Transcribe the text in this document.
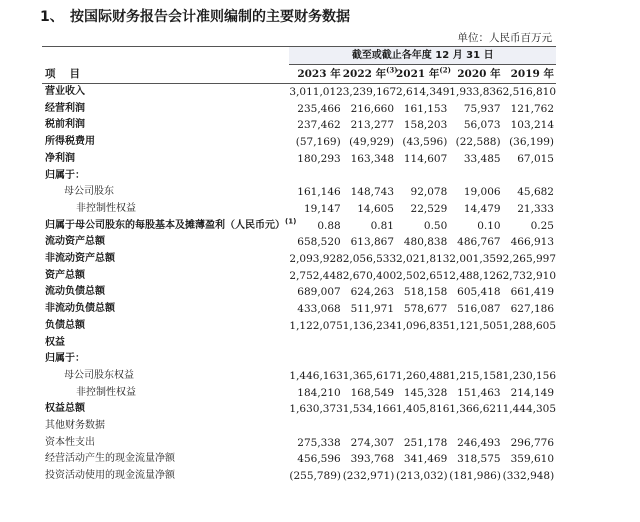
1、 按国际财务报告会计准则编制的主要财务数据
单位：人民币百万元
	截至或截止各年度 12 月 31 日				
项目	2023 年	2022 年$^{(3)}$	2021 年$^{(2)}$	2020 年	2019 年
营业收入	3,011,012	3,239,167	2,614,349	1,933,836	2,516,810
经营利润	235,466	216,660	161,153	75,937	121,762
税前利润	237,462	213,277	158,203	56,073	103,214
所得税费用	(57,169)	(49,929)	(43,596)	(22,588)	(36,199)
净利润	180,293	163,348	114,607	33,485	67,015
归属于：					
母公司股东	161,146	148,743	92,078	19,006	45,682
非控制性权益	19,147	14,605	22,529	14,479	21,333
归属于母公司股东的每股基本及摊薄盈利（人民币元）$^{(1)}$	0.88	0.81	0.50	0.10	0.25
流动资产总额	658,520	613,867	480,838	486,767	466,913
非流动资产总额	2,093,928	2,056,533	2,021,813	2,001,359	2,265,997
资产总额	2,752,448	2,670,400	2,502,651	2,488,126	2,732,910
流动负债总额	689,007	624,263	518,158	605,418	661,419
非流动负债总额	433,068	511,971	578,677	516,087	627,186
负债总额	1,122,075	1,136,234	1,096,835	1,121,505	1,288,605
权益					
归属于：					
母公司股东权益	1,446,163	1,365,617	1,260,488	1,215,158	1,230,156
非控制性权益	184,210	168,549	145,328	151,463	214,149
权益总额	1,630,373	1,534,166	1,405,816	1,366,621	1,444,305
其他财务数据					
资本性支出	275,338	274,307	251,178	246,493	296,776
经营活动产生的现金流量净额	456,596	393,768	341,469	318,575	359,610
投资活动使用的现金流量净额	(255,789)	(232,971)	(213,032)	(181,986)	(332,948)
